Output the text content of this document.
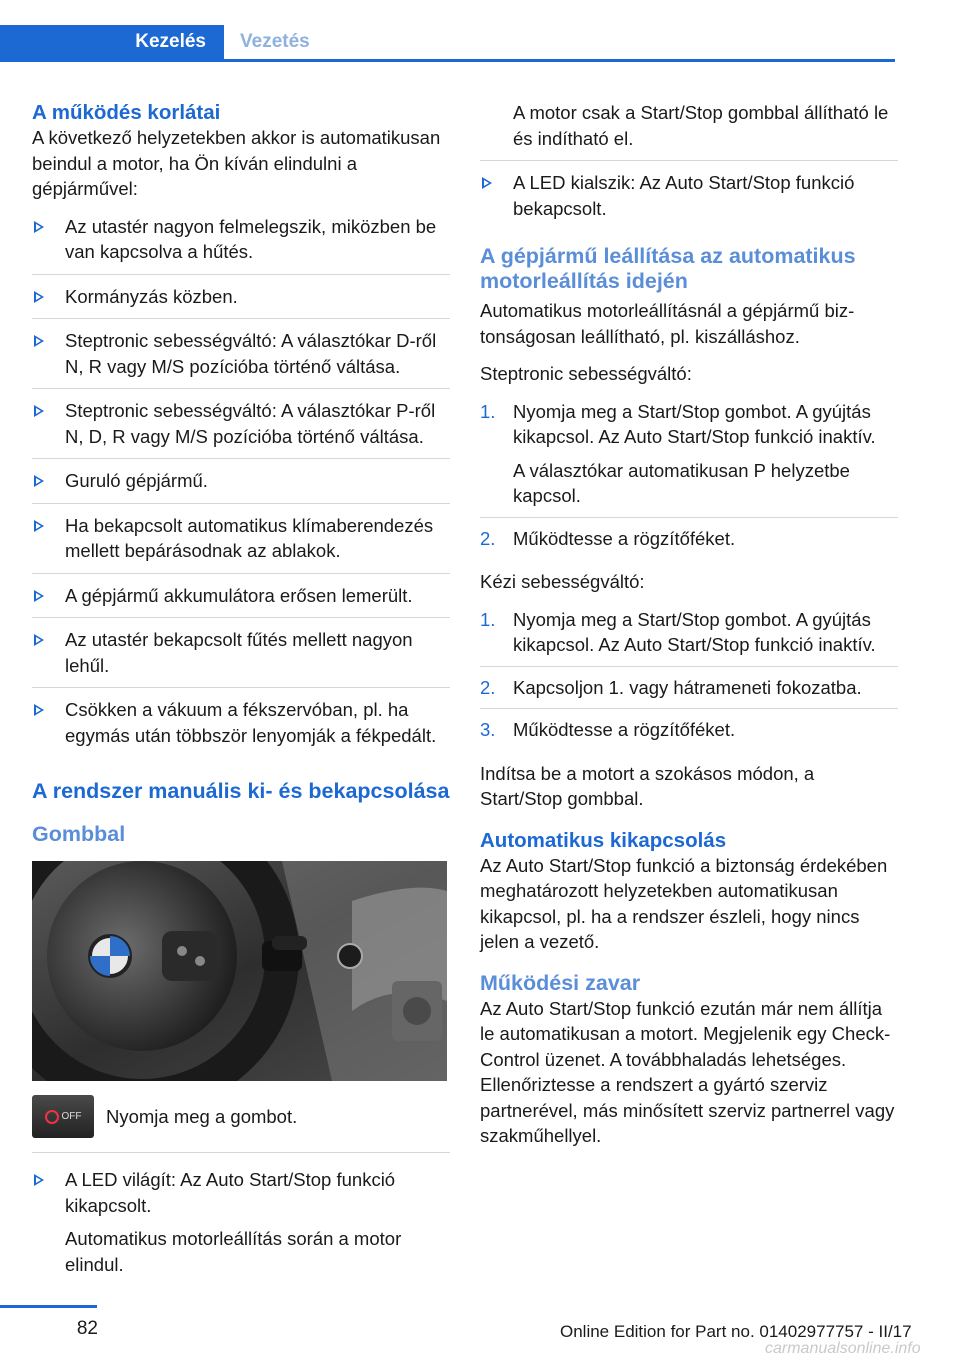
Kezelés	Vezetés
A működés korlátai

A következő helyzetekben akkor is automatikusan beindul a motor, ha Ön kíván elindulni a gépjárművel:

Az utastér nagyon felmelegszik, miközben be van kapcsolva a hűtés.
Kormányzás közben.
Steptronic sebességváltó: A választókar D-ről N, R vagy M/S pozícióba történő váltása.
Steptronic sebességváltó: A választókar P-ről N, D, R vagy M/S pozícióba történő váltása.
Guruló gépjármű.
Ha bekapcsolt automatikus klímaberendezés mellett bepárásodnak az ablakok.
A gépjármű akkumulátora erősen lemerült.
Az utastér bekapcsolt fűtés mellett nagyon lehűl.
Csökken a vákuum a fékszervóban, pl. ha egymás után többször lenyomják a fékpedált.
A rendszer manuális ki- és bekapcsolása
Gombbal
OFF Nyomja meg a gombot.
A LED világít: Az Auto Start/Stop funkció kikapcsolt.
Automatikus motorleállítás során a motor elindul.
A motor csak a Start/Stop gombbal állítható le és indítható el.
A LED kialszik: Az Auto Start/Stop funkció bekapcsolt.
A gépjármű leállítása az automatikus motorleállítás idején

Automatikus motorleállításnál a gépjármű biztonságosan leállítható, pl. kiszálláshoz.

Steptronic sebességváltó:

1. Nyomja meg a Start/Stop gombot. A gyújtás kikapcsol. Az Auto Start/Stop funkció inaktív.
A választókar automatikusan P helyzetbe kapcsol.
2. Működtesse a rögzítőféket.

Kézi sebességváltó:

1. Nyomja meg a Start/Stop gombot. A gyújtás kikapcsol. Az Auto Start/Stop funkció inaktív.
2. Kapcsoljon 1. vagy hátrameneti fokozatba.
3. Működtesse a rögzítőféket.

Indítsa be a motort a szokásos módon, a Start/Stop gombbal.

Automatikus kikapcsolás

Az Auto Start/Stop funkció a biztonság érdekében meghatározott helyzetekben automatikusan kikapcsol, pl. ha a rendszer észleli, hogy nincs jelen a vezető.

Működési zavar

Az Auto Start/Stop funkció ezután már nem állítja le automatikusan a motort. Megjelenik egy Check-Control üzenet. A továbbhaladás lehetséges. Ellenőriztesse a rendszert a gyártó szerviz partnerével, más minősített szerviz partnerrel vagy szakműhellyel.

82	Online Edition for Part no. 01402977757 - II/17
carmanualsonline.info
